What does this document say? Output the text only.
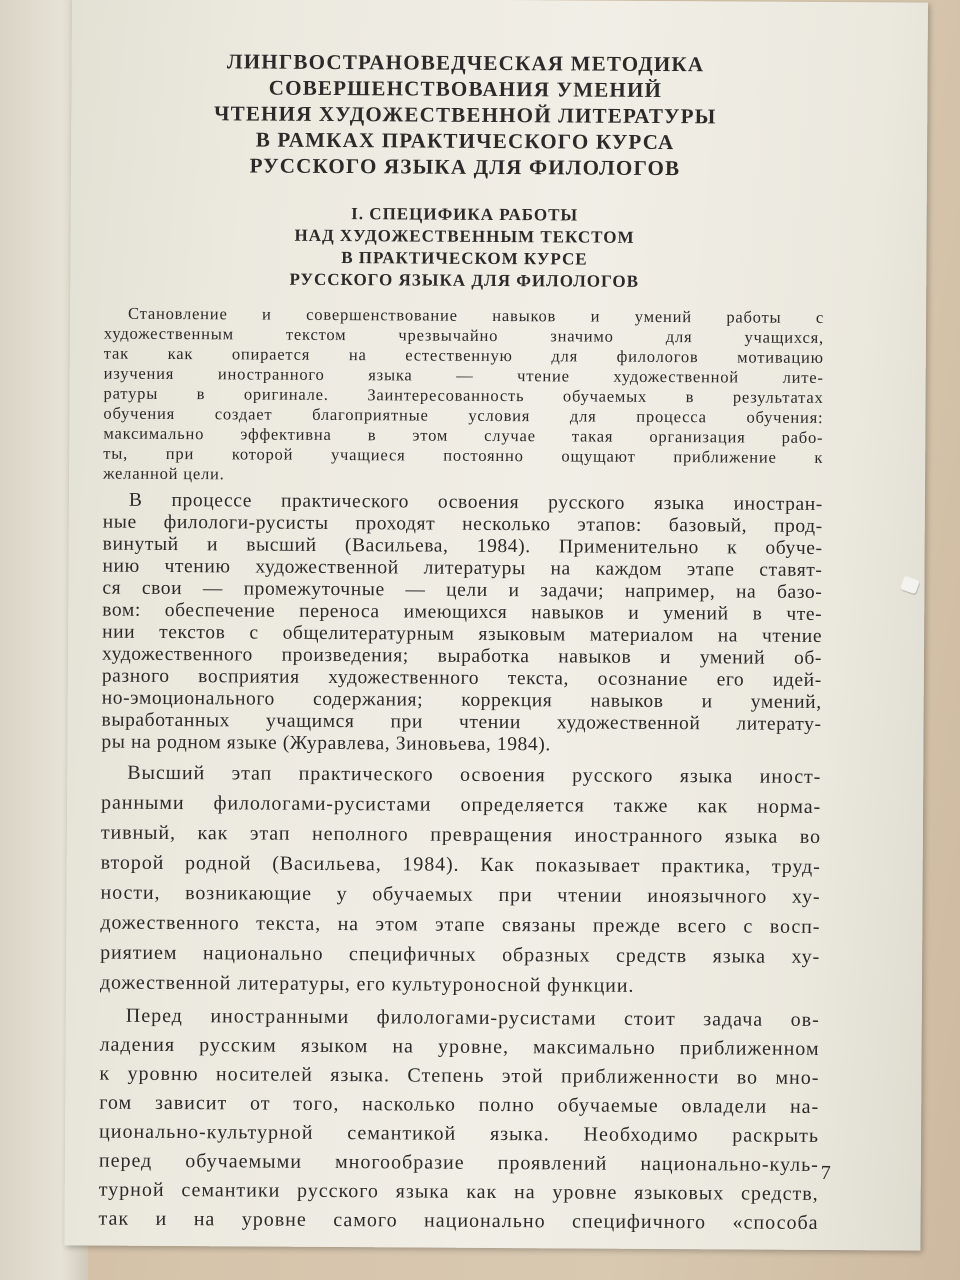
ЛИНГВОСТРАНОВЕДЧЕСКАЯ МЕТОДИКА
СОВЕРШЕНСТВОВАНИЯ УМЕНИЙ
ЧТЕНИЯ ХУДОЖЕСТВЕННОЙ ЛИТЕРАТУРЫ
В РАМКАХ ПРАКТИЧЕСКОГО КУРСА
РУССКОГО ЯЗЫКА ДЛЯ ФИЛОЛОГОВ
I. СПЕЦИФИКА РАБОТЫ
НАД ХУДОЖЕСТВЕННЫМ ТЕКСТОМ
В ПРАКТИЧЕСКОМ КУРСЕ
РУССКОГО ЯЗЫКА ДЛЯ ФИЛОЛОГОВ
Становление и совершенствование навыков и умений работы с
художественным текстом чрезвычайно значимо для учащихся,
так как опирается на естественную для филологов мотивацию
изучения иностранного языка — чтение художественной лите-
ратуры в оригинале. Заинтересованность обучаемых в результатах
обучения создает благоприятные условия для процесса обучения:
максимально эффективна в этом случае такая организация рабо-
ты, при которой учащиеся постоянно ощущают приближение к
желанной цели.
В процессе практического освоения русского языка иностран-
ные филологи-русисты проходят несколько этапов: базовый, прод-
винутый и высший (Васильева, 1984). Применительно к обуче-
нию чтению художественной литературы на каждом этапе ставят-
ся свои — промежуточные — цели и задачи; например, на базо-
вом: обеспечение переноса имеющихся навыков и умений в чте-
нии текстов с общелитературным языковым материалом на чтение
художественного произведения; выработка навыков и умений об-
разного восприятия художественного текста, осознание его идей-
но-эмоционального содержания; коррекция навыков и умений,
выработанных учащимся при чтении художественной литерату-
ры на родном языке (Журавлева, Зиновьева, 1984).
Высший этап практического освоения русского языка иност-
ранными филологами-русистами определяется также как норма-
тивный, как этап неполного превращения иностранного языка во
второй родной (Васильева, 1984). Как показывает практика, труд-
ности, возникающие у обучаемых при чтении иноязычного ху-
дожественного текста, на этом этапе связаны прежде всего с восп-
риятием национально специфичных образных средств языка ху-
дожественной литературы, его культуроносной функции.
Перед иностранными филологами-русистами стоит задача ов-
ладения русским языком на уровне, максимально приближенном
к уровню носителей языка. Степень этой приближенности во мно-
гом зависит от того, насколько полно обучаемые овладели на-
ционально-культурной семантикой языка. Необходимо раскрыть
перед обучаемыми многообразие проявлений национально-куль-
турной семантики русского языка как на уровне языковых средств,
так и на уровне самого национально специфичного «способа
7
